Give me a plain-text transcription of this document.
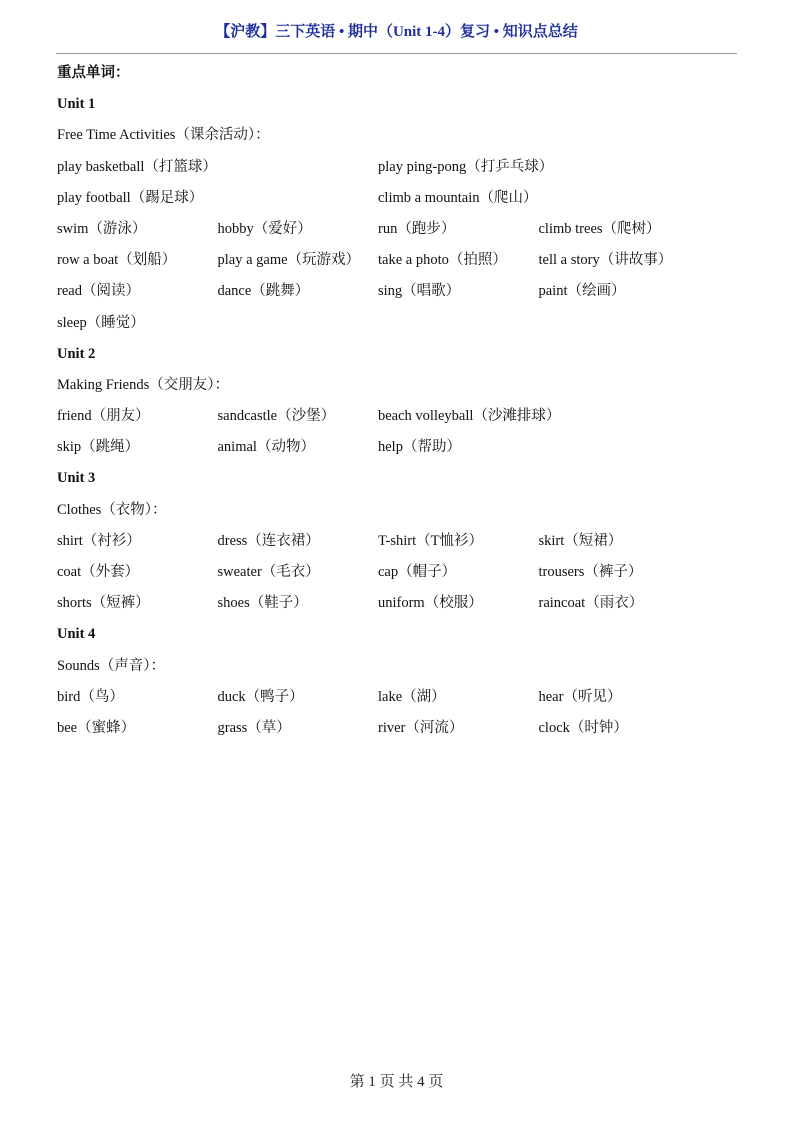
【沪教】三下英语 • 期中（Unit 1-4）复习 • 知识点总结
重点单词：
Unit 1
Free Time Activities（课余活动）：
play basketball（打篮球）	play ping-pong（打乒乓球）
play football（踢足球）	climb a mountain（爬山）
swim（游泳）	hobby（爱好）	run（跑步）	climb trees（爬树）
row a boat（划船）	play a game（玩游戏）	take a photo（拍照）	tell a story（讲故事）
read（阅读）	dance（跳舞）	sing（唱歌）	paint（绘画）
sleep（睡觉）
Unit 2
Making Friends（交朋友）：
friend（朋友）	sandcastle（沙堡）	beach volleyball（沙滩排球）
skip（跳绳）	animal（动物）	help（帮助）
Unit 3
Clothes（衣物）：
shirt（衬衫）	dress（连衣裙）	T-shirt（T恤衫）	skirt（短裙）
coat（外套）	sweater（毛衣）	cap（帽子）	trousers（裤子）
shorts（短裤）	shoes（鞋子）	uniform（校服）	raincoat（雨衣）
Unit 4
Sounds（声音）：
bird（鸟）	duck（鸭子）	lake（湖）	hear（听见）
bee（蜜蜂）	grass（草）	river（河流）	clock（时钟）
第 1 页 共 4 页
